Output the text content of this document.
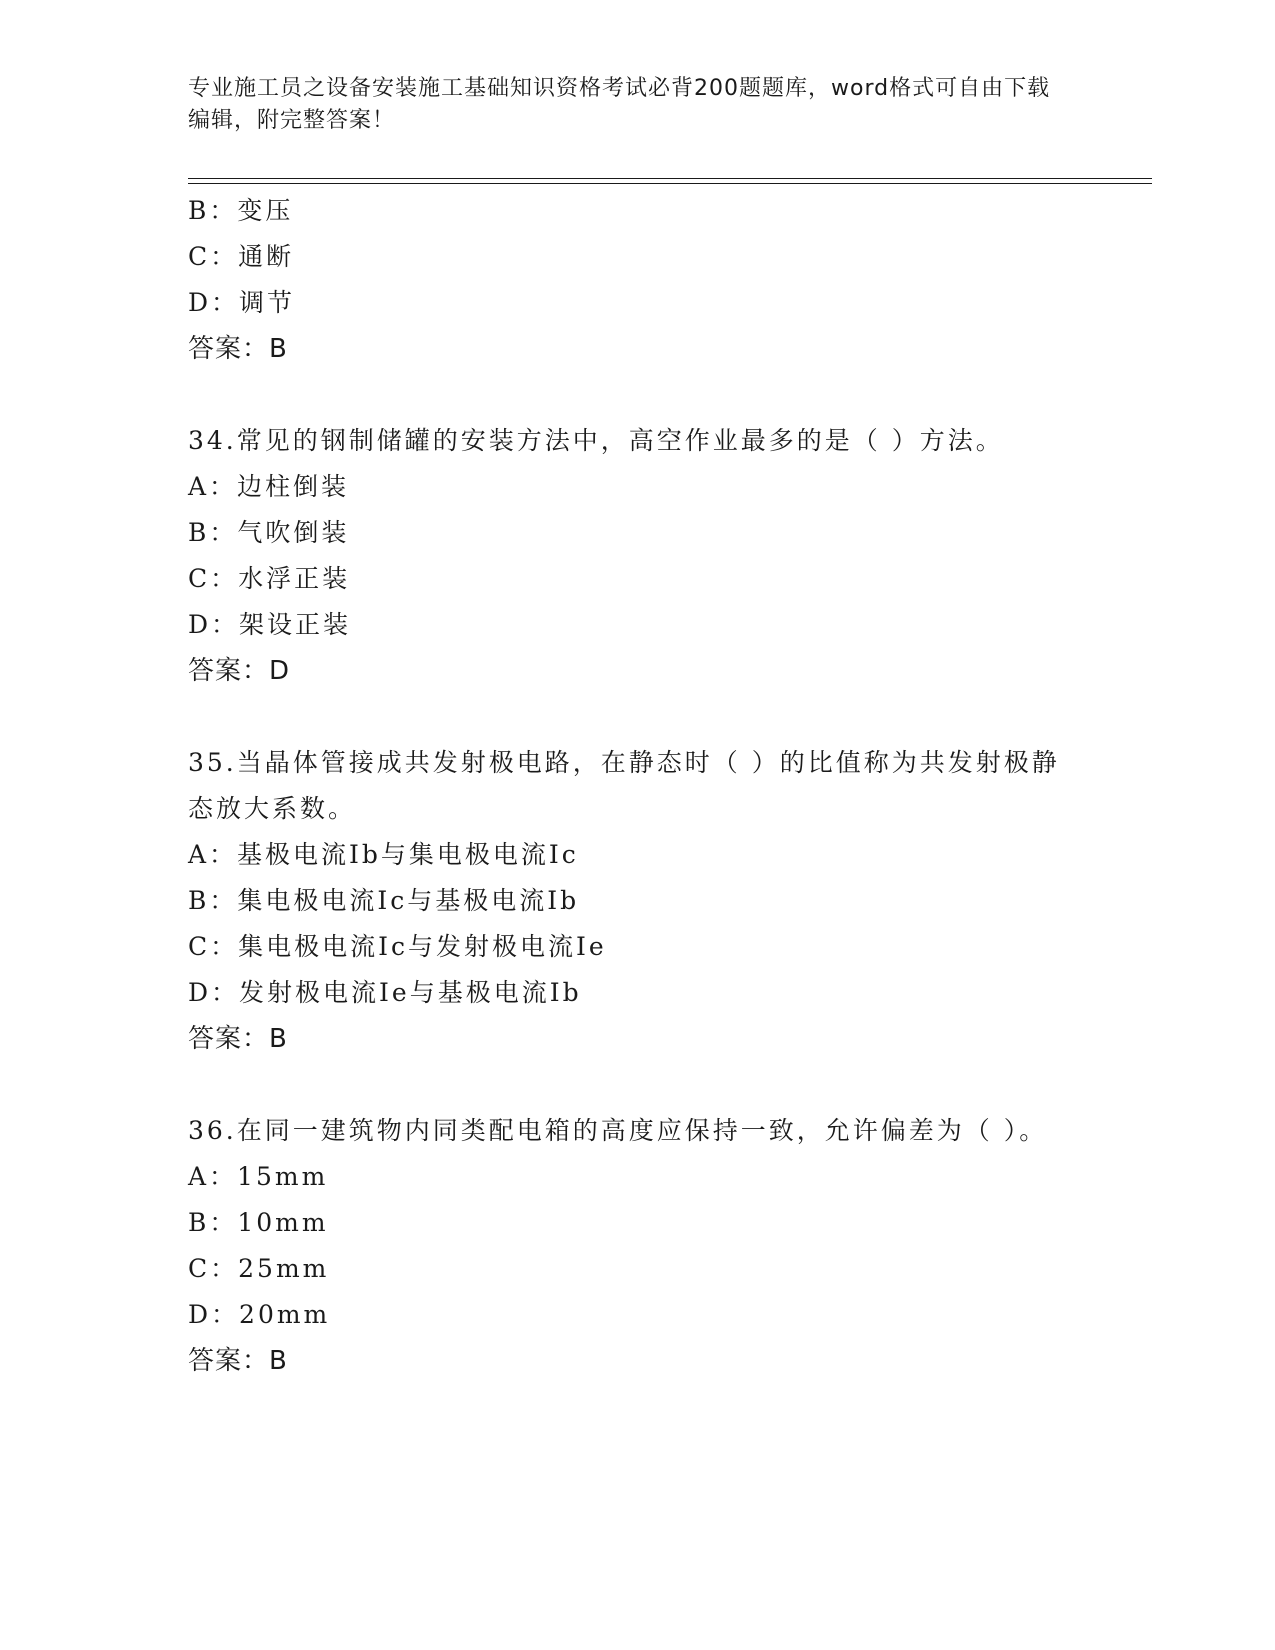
专业施工员之设备安装施工基础知识资格考试必背200题题库，word格式可自由下载编辑，附完整答案！

B：变压
C：通断
D：调节
答案：B

34.常见的钢制储罐的安装方法中，高空作业最多的是（ ）方法。

A：边柱倒装
B：气吹倒装
C：水浮正装
D：架设正装
答案：D

35.当晶体管接成共发射极电路，在静态时（ ）的比值称为共发射极静态放大系数。

A：基极电流Ib与集电极电流Ic
B：集电极电流Ic与基极电流Ib
C：集电极电流Ic与发射极电流Ie
D：发射极电流Ie与基极电流Ib
答案：B

36.在同一建筑物内同类配电箱的高度应保持一致，允许偏差为（ ）。

A：15mm
B：10mm
C：25mm
D：20mm
答案：B
